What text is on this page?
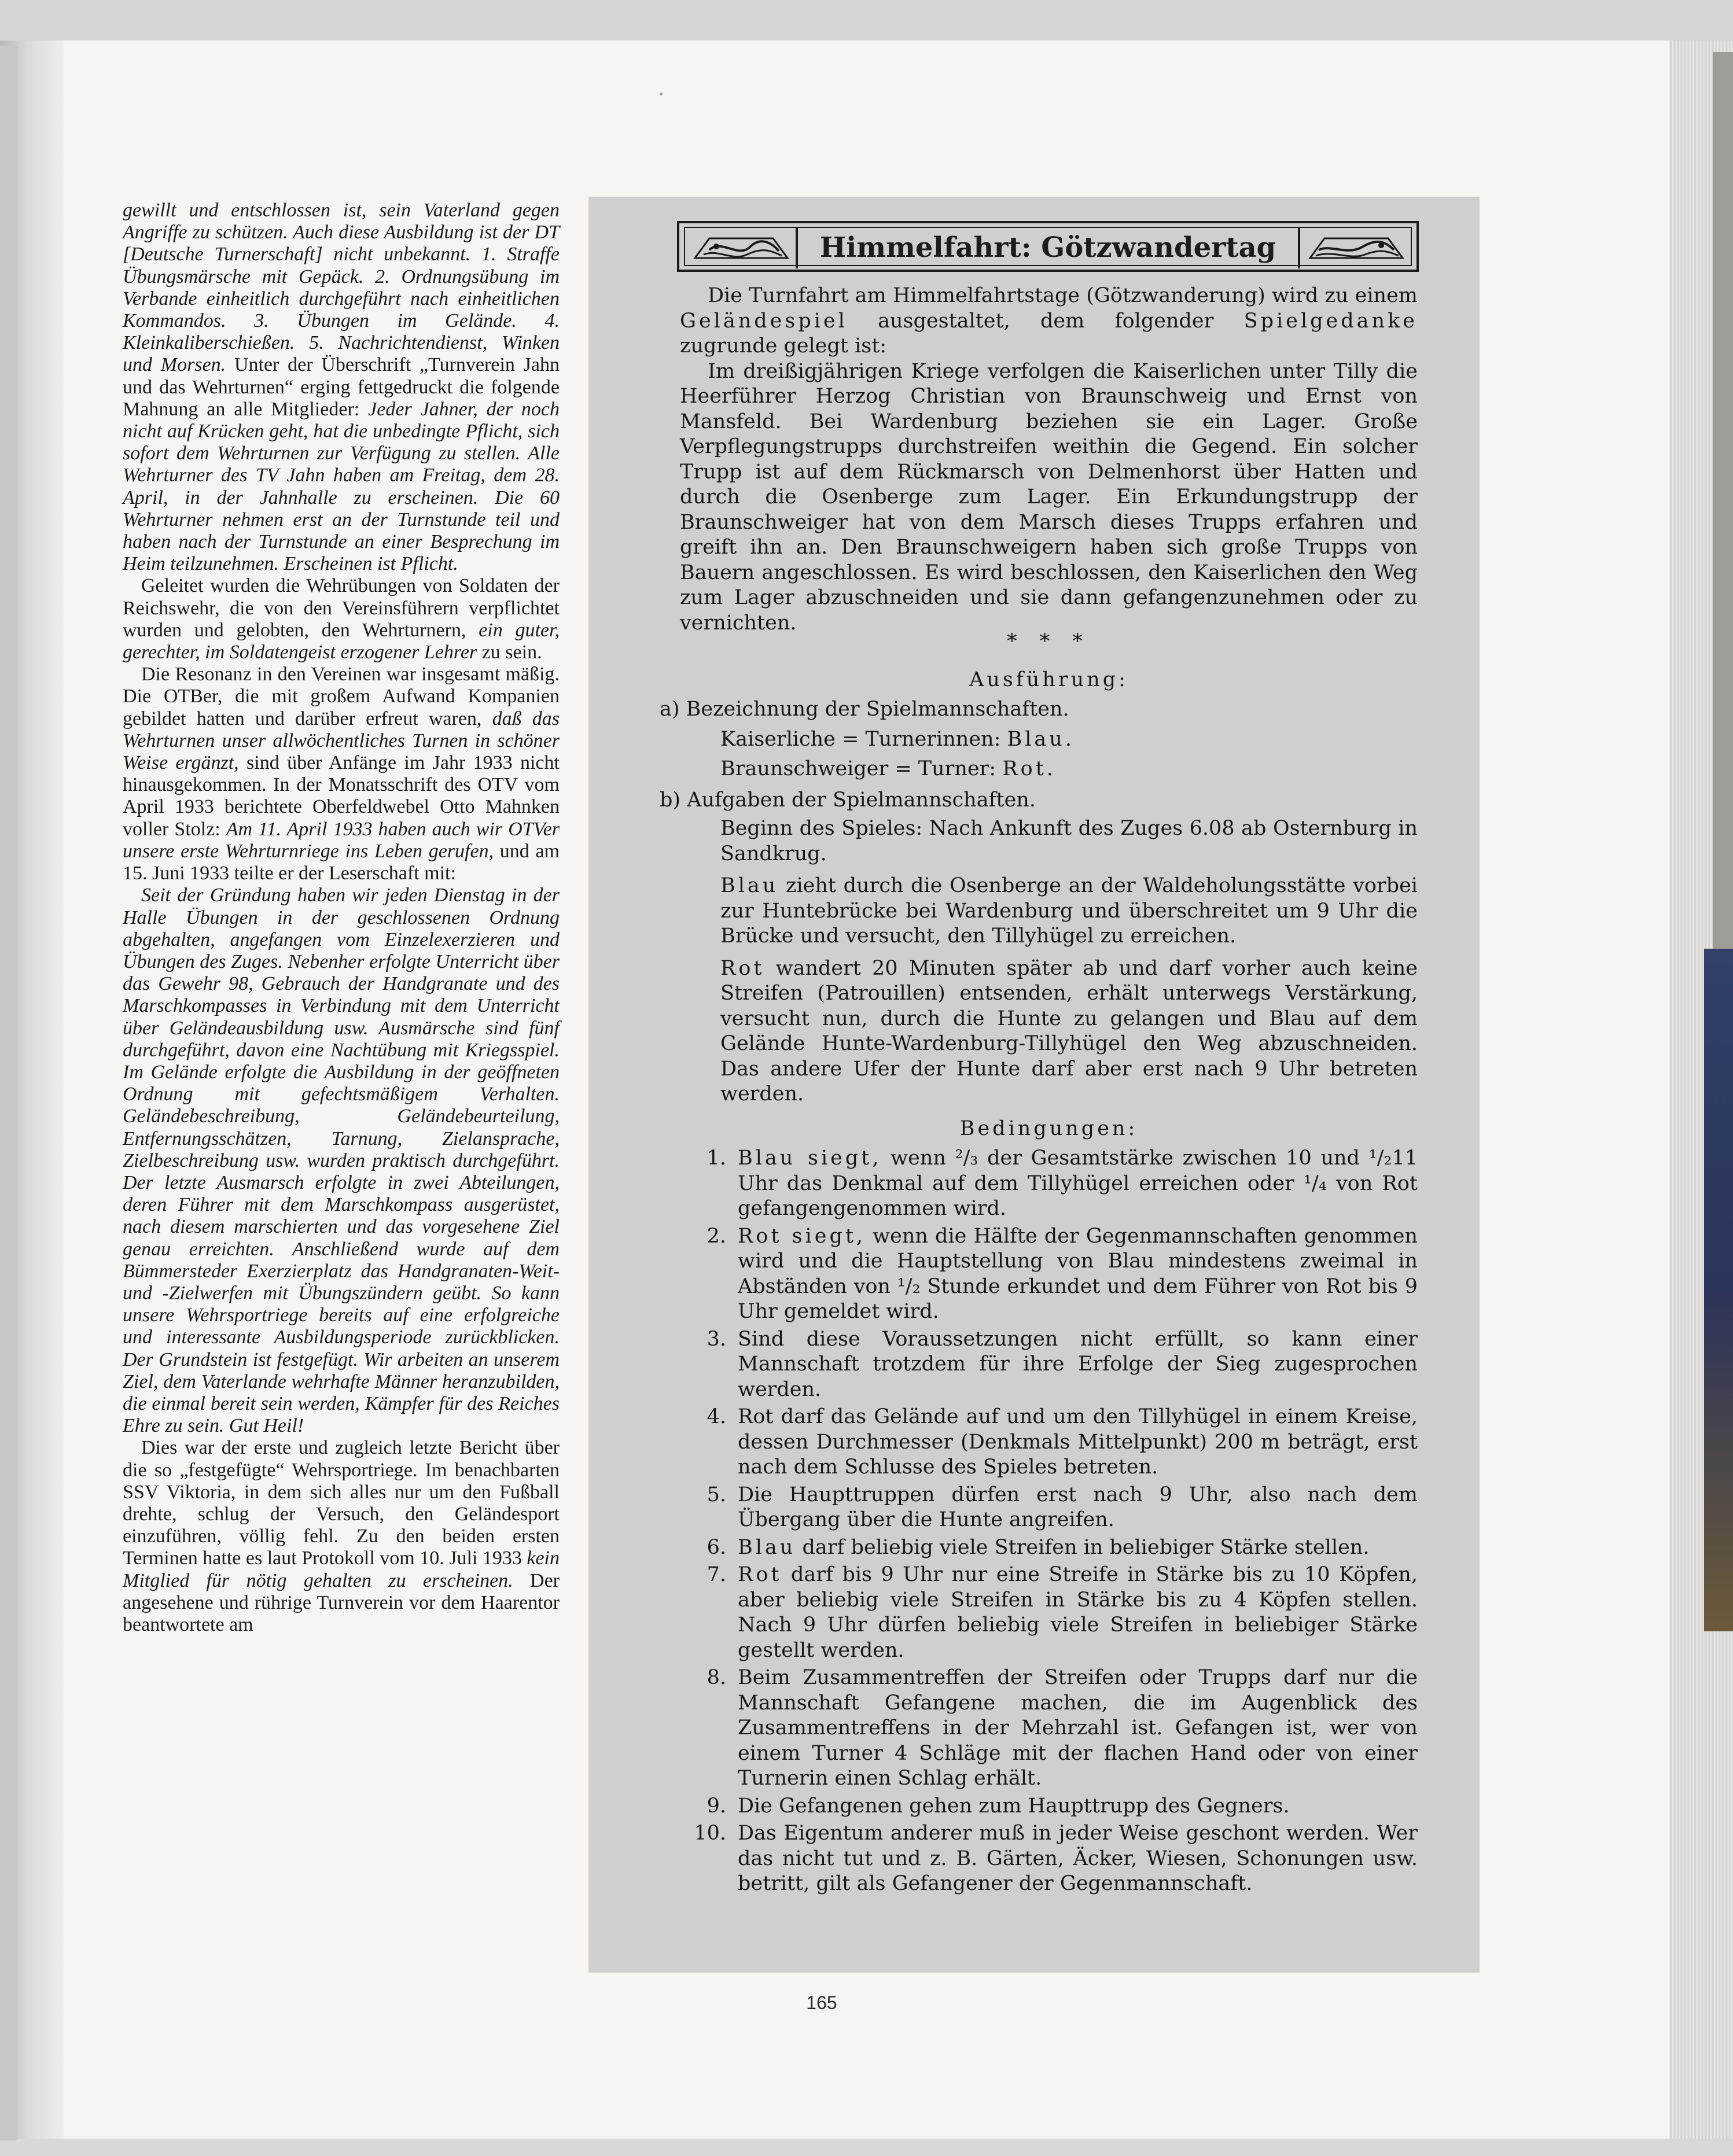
gewillt und entschlossen ist, sein Vaterland gegen Angriffe zu schützen. Auch diese Ausbildung ist der DT [Deutsche Turnerschaft] nicht unbekannt. 1. Straffe Übungsmärsche mit Gepäck. 2. Ordnungsübung im Verbande einheitlich durchgeführt nach einheitlichen Kommandos. 3. Übungen im Gelände. 4. Kleinkaliberschießen. 5. Nachrichtendienst, Winken und Morsen. Unter der Überschrift „Turnverein Jahn und das Wehrturnen“ erging fettgedruckt die folgende Mahnung an alle Mitglieder: Jeder Jahner, der noch nicht auf Krücken geht, hat die unbedingte Pflicht, sich sofort dem Wehrturnen zur Verfügung zu stellen. Alle Wehrturner des TV Jahn haben am Freitag, dem 28. April, in der Jahnhalle zu erscheinen. Die 60 Wehrturner nehmen erst an der Turnstunde teil und haben nach der Turnstunde an einer Besprechung im Heim teilzunehmen. Erscheinen ist Pflicht.

Geleitet wurden die Wehrübungen von Soldaten der Reichswehr, die von den Vereinsführern verpflichtet wurden und gelobten, den Wehrturnern, ein guter, gerechter, im Soldatengeist erzogener Lehrer zu sein.

Die Resonanz in den Vereinen war insgesamt mäßig. Die OTBer, die mit großem Aufwand Kompanien gebildet hatten und darüber erfreut waren, daß das Wehrturnen unser allwöchentliches Turnen in schöner Weise ergänzt, sind über Anfänge im Jahr 1933 nicht hinausgekommen. In der Monatsschrift des OTV vom April 1933 berichtete Oberfeldwebel Otto Mahnken voller Stolz: Am 11. April 1933 haben auch wir OTVer unsere erste Wehrturnriege ins Leben gerufen, und am 15. Juni 1933 teilte er der Leserschaft mit:

Seit der Gründung haben wir jeden Dienstag in der Halle Übungen in der geschlossenen Ordnung abgehalten, angefangen vom Einzelexerzieren und Übungen des Zuges. Nebenher erfolgte Unterricht über das Gewehr 98, Gebrauch der Handgranate und des Marschkompasses in Verbindung mit dem Unterricht über Geländeausbildung usw. Ausmärsche sind fünf durchgeführt, davon eine Nachtübung mit Kriegsspiel. Im Gelände erfolgte die Ausbildung in der geöffneten Ordnung mit gefechtsmäßigem Verhalten. Geländebeschreibung, Geländebeurteilung, Entfernungsschätzen, Tarnung, Zielansprache, Zielbeschreibung usw. wurden praktisch durchgeführt. Der letzte Ausmarsch erfolgte in zwei Abteilungen, deren Führer mit dem Marschkompass ausgerüstet, nach diesem marschierten und das vorgesehene Ziel genau erreichten. Anschließend wurde auf dem Bümmersteder Exerzierplatz das Handgranaten-Weit- und -Zielwerfen mit Übungszündern geübt. So kann unsere Wehrsportriege bereits auf eine erfolgreiche und interessante Ausbildungsperiode zurückblicken. Der Grundstein ist festgefügt. Wir arbeiten an unserem Ziel, dem Vaterlande wehrhafte Männer heranzubilden, die einmal bereit sein werden, Kämpfer für des Reiches Ehre zu sein. Gut Heil!

Dies war der erste und zugleich letzte Bericht über die so „festgefügte“ Wehrsportriege. Im benachbarten SSV Viktoria, in dem sich alles nur um den Fußball drehte, schlug der Versuch, den Geländesport einzuführen, völlig fehl. Zu den beiden ersten Terminen hatte es laut Protokoll vom 10. Juli 1933 kein Mitglied für nötig gehalten zu erscheinen. Der angesehene und rührige Turnverein vor dem Haarentor beantwortete am

Himmelfahrt: Götzwandertag

Die Turnfahrt am Himmelfahrtstage (Götzwanderung) wird zu einem Geländespiel ausgestaltet, dem folgender Spielgedanke zugrunde gelegt ist:

Im dreißigjährigen Kriege verfolgen die Kaiserlichen unter Tilly die Heerführer Herzog Christian von Braunschweig und Ernst von Mansfeld. Bei Wardenburg beziehen sie ein Lager. Große Verpflegungstrupps durchstreifen weithin die Gegend. Ein solcher Trupp ist auf dem Rückmarsch von Delmenhorst über Hatten und durch die Osenberge zum Lager. Ein Erkundungstrupp der Braunschweiger hat von dem Marsch dieses Trupps erfahren und greift ihn an. Den Braunschweigern haben sich große Trupps von Bauern angeschlossen. Es wird beschlossen, den Kaiserlichen den Weg zum Lager abzuschneiden und sie dann gefangenzunehmen oder zu vernichten.

* * *

Ausführung:

a) Bezeichnung der Spielmannschaften.

Kaiserliche = Turnerinnen: Blau.

Braunschweiger = Turner: Rot.

b) Aufgaben der Spielmannschaften.

Beginn des Spieles: Nach Ankunft des Zuges 6.08 ab Osternburg in Sandkrug.

Blau zieht durch die Osenberge an der Waldeholungsstätte vorbei zur Huntebrücke bei Wardenburg und überschreitet um 9 Uhr die Brücke und versucht, den Tillyhügel zu erreichen.

Rot wandert 20 Minuten später ab und darf vorher auch keine Streifen (Patrouillen) entsenden, erhält unterwegs Verstärkung, versucht nun, durch die Hunte zu gelangen und Blau auf dem Gelände Hunte-Wardenburg-Tillyhügel den Weg abzuschneiden. Das andere Ufer der Hunte darf aber erst nach 9 Uhr betreten werden.

Bedingungen:

1. Blau siegt, wenn ²/₃ der Gesamtstärke zwischen 10 und ¹/₂11 Uhr das Denkmal auf dem Tillyhügel erreichen oder ¹/₄ von Rot gefangengenommen wird.
2. Rot siegt, wenn die Hälfte der Gegenmannschaften genommen wird und die Hauptstellung von Blau mindestens zweimal in Abständen von ¹/₂ Stunde erkundet und dem Führer von Rot bis 9 Uhr gemeldet wird.
3. Sind diese Voraussetzungen nicht erfüllt, so kann einer Mannschaft trotzdem für ihre Erfolge der Sieg zugesprochen werden.
4. Rot darf das Gelände auf und um den Tillyhügel in einem Kreise, dessen Durchmesser (Denkmals Mittelpunkt) 200 m beträgt, erst nach dem Schlusse des Spieles betreten.
5. Die Haupttruppen dürfen erst nach 9 Uhr, also nach dem Übergang über die Hunte angreifen.
6. Blau darf beliebig viele Streifen in beliebiger Stärke stellen.
7. Rot darf bis 9 Uhr nur eine Streife in Stärke bis zu 10 Köpfen, aber beliebig viele Streifen in Stärke bis zu 4 Köpfen stellen. Nach 9 Uhr dürfen beliebig viele Streifen in beliebiger Stärke gestellt werden.
8. Beim Zusammentreffen der Streifen oder Trupps darf nur die Mannschaft Gefangene machen, die im Augenblick des Zusammentreffens in der Mehrzahl ist. Gefangen ist, wer von einem Turner 4 Schläge mit der flachen Hand oder von einer Turnerin einen Schlag erhält.
9. Die Gefangenen gehen zum Haupttrupp des Gegners.
10. Das Eigentum anderer muß in jeder Weise geschont werden. Wer das nicht tut und z. B. Gärten, Äcker, Wiesen, Schonungen usw. betritt, gilt als Gefangener der Gegenmannschaft.
165
